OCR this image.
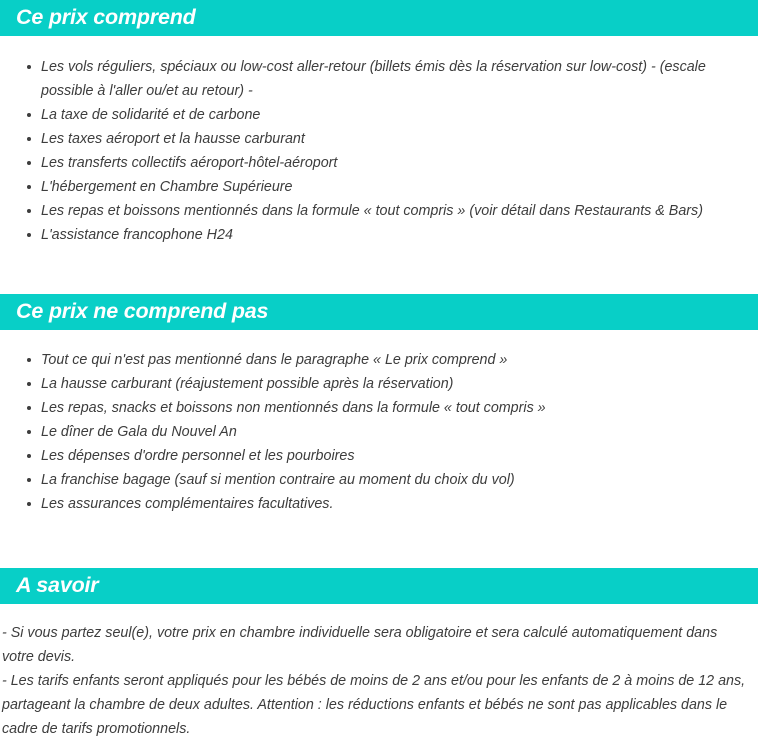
Ce prix comprend
Les vols réguliers, spéciaux ou low-cost aller-retour (billets émis dès la réservation sur low-cost) - (escale possible à l'aller ou/et au retour) -
La taxe de solidarité et de carbone
Les taxes aéroport et la hausse carburant
Les transferts collectifs aéroport-hôtel-aéroport
L'hébergement en Chambre Supérieure
Les repas et boissons mentionnés dans la formule « tout compris » (voir détail dans Restaurants & Bars)
L'assistance francophone H24
Ce prix ne comprend pas
Tout ce qui n'est pas mentionné dans le paragraphe « Le prix comprend »
La hausse carburant (réajustement possible après la réservation)
Les repas, snacks et boissons non mentionnés dans la formule « tout compris »
Le dîner de Gala du Nouvel An
Les dépenses d'ordre personnel et les pourboires
La franchise bagage (sauf si mention contraire au moment du choix du vol)
Les assurances complémentaires facultatives.
A savoir

- Si vous partez seul(e), votre prix en chambre individuelle sera obligatoire et sera calculé automatiquement dans votre devis.

- Les tarifs enfants seront appliqués pour les bébés de moins de 2 ans et/ou pour les enfants de 2 à moins de 12 ans, partageant la chambre de deux adultes. Attention : les réductions enfants et bébés ne sont pas applicables dans le cadre de tarifs promotionnels.
